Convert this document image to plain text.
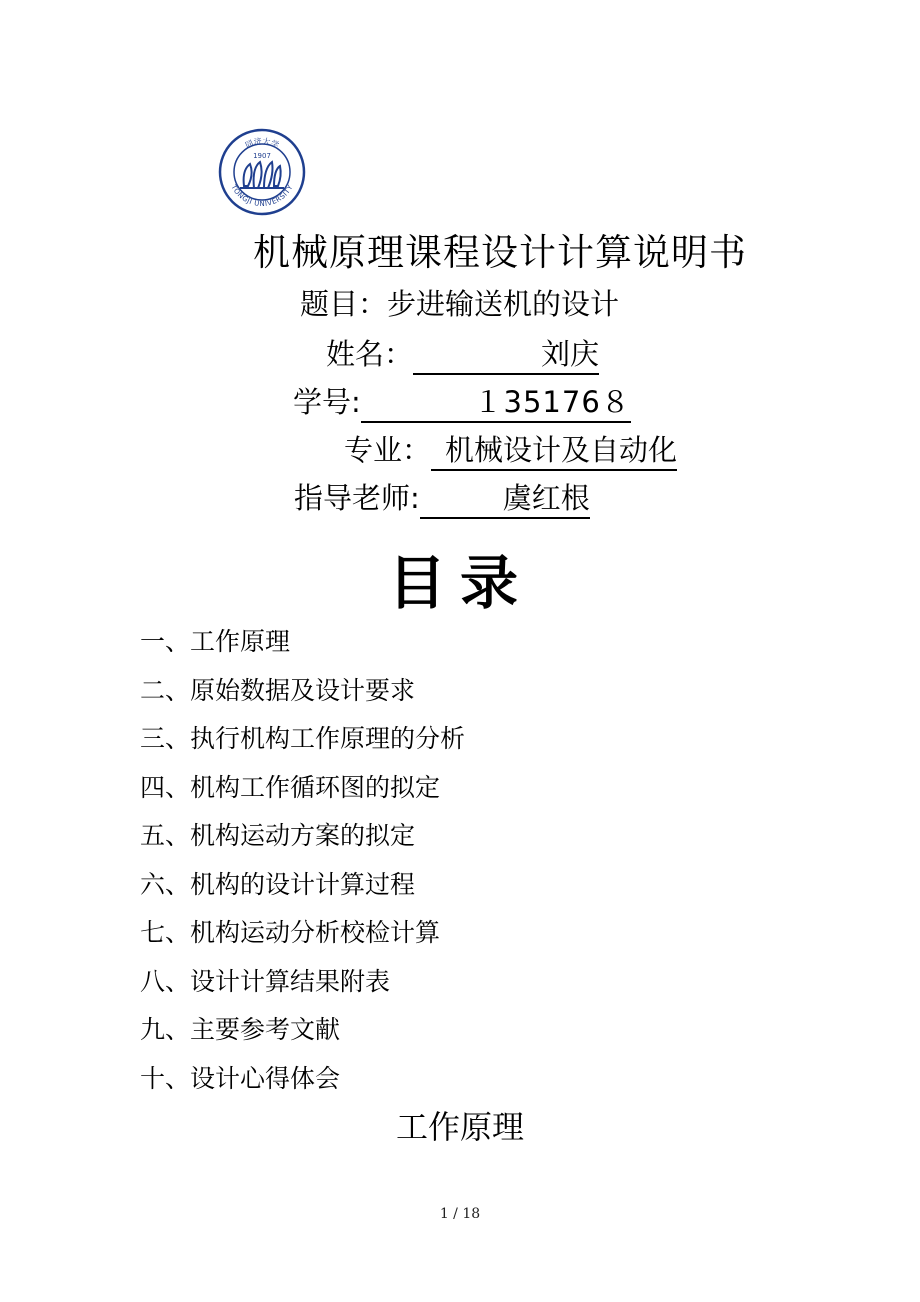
同济大学
TONGJI UNIVERSITY
1907
机械原理课程设计计算说明书
题目：步进输送机的设计
姓名：	刘庆
学号:	１35176８
专业： 机械设计及自动化
指导老师:	虞红根
目录
一、工作原理
二、原始数据及设计要求
三、执行机构工作原理的分析
四、机构工作循环图的拟定
五、机构运动方案的拟定
六、机构的设计计算过程
七、机构运动分析校检计算
八、设计计算结果附表
九、主要参考文献
十、设计心得体会
工作原理
1 / 18
